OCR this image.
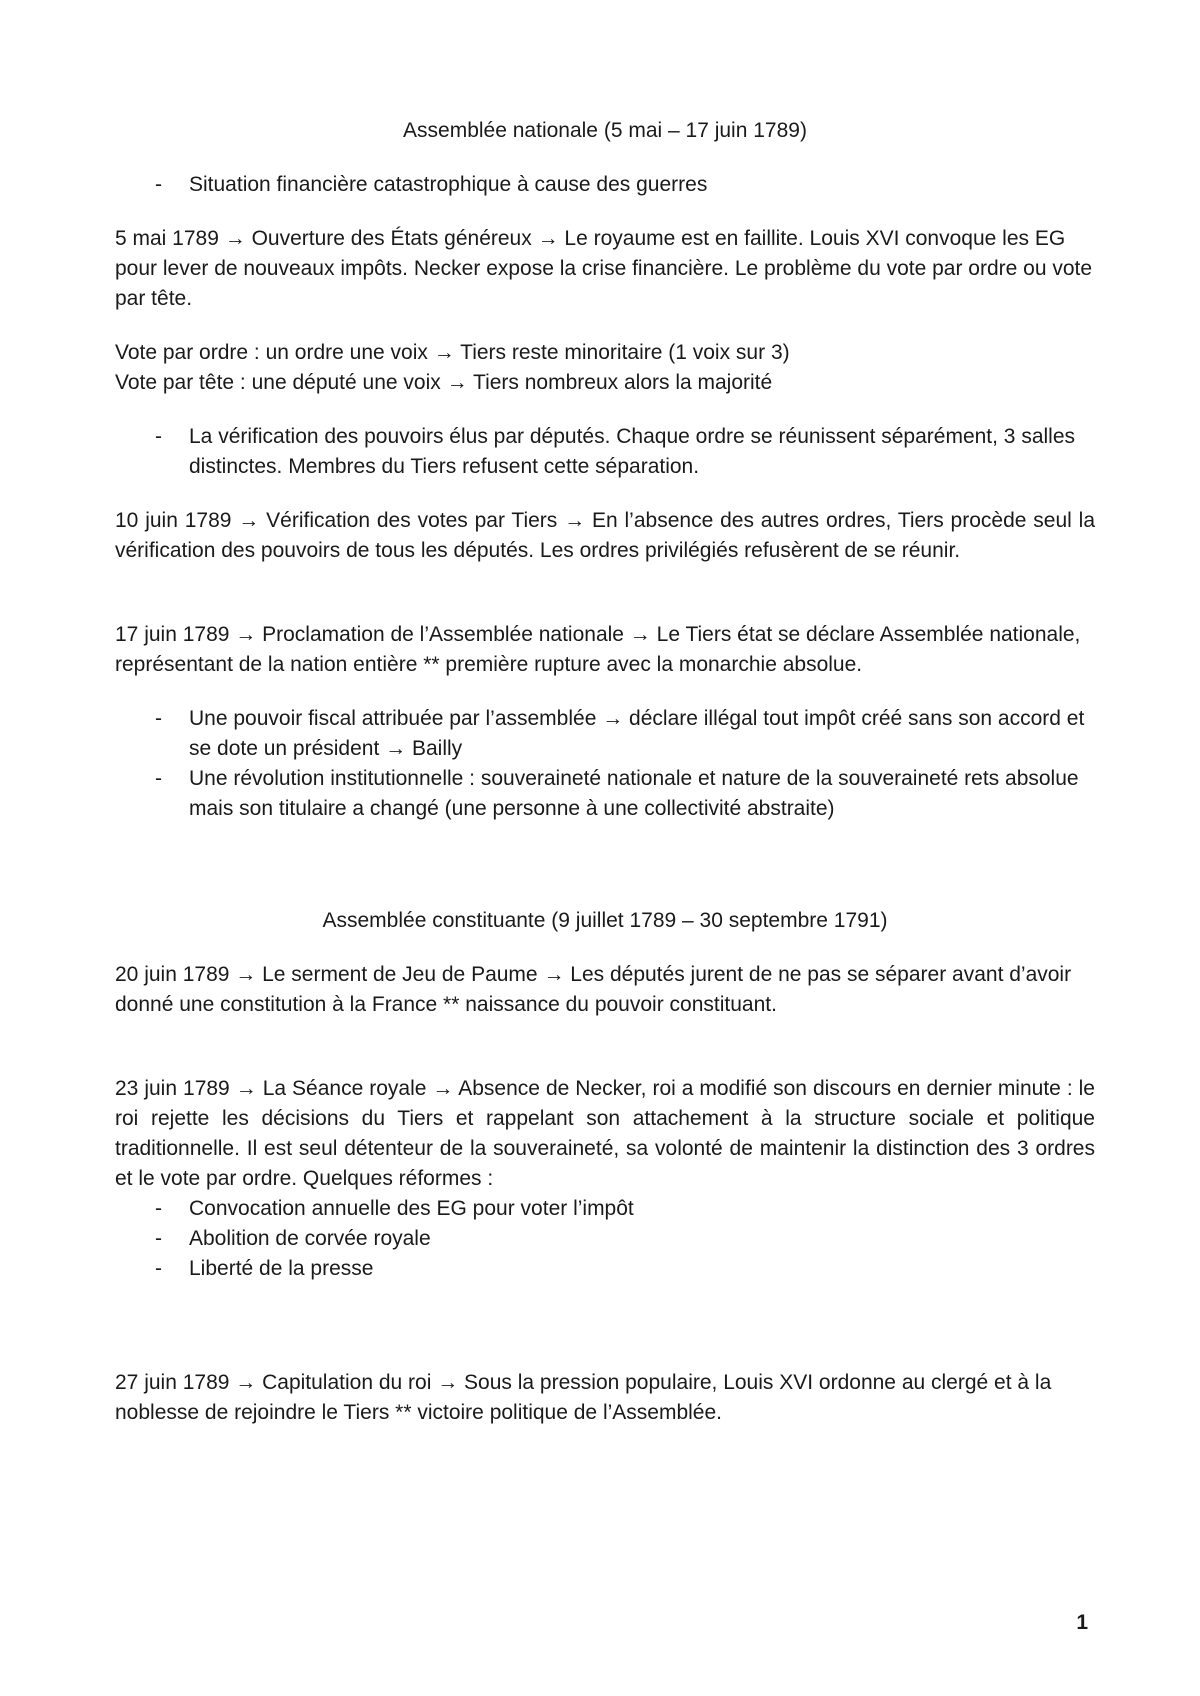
Assemblée nationale (5 mai – 17 juin 1789)

- Situation financière catastrophique à cause des guerres

5 mai 1789 → Ouverture des États généreux → Le royaume est en faillite. Louis XVI convoque les EG pour lever de nouveaux impôts. Necker expose la crise financière. Le problème du vote par ordre ou vote par tête.

Vote par ordre : un ordre une voix → Tiers reste minoritaire (1 voix sur 3)

Vote par tête : une député une voix → Tiers nombreux alors la majorité

- La vérification des pouvoirs élus par députés. Chaque ordre se réunissent séparément, 3 salles distinctes. Membres du Tiers refusent cette séparation.

10 juin 1789 → Vérification des votes par Tiers → En l’absence des autres ordres, Tiers procède seul la vérification des pouvoirs de tous les députés. Les ordres privilégiés refusèrent de se réunir.

17 juin 1789 → Proclamation de l’Assemblée nationale → Le Tiers état se déclare Assemblée nationale, représentant de la nation entière ** première rupture avec la monarchie absolue.

- Une pouvoir fiscal attribuée par l’assemblée → déclare illégal tout impôt créé sans son accord et se dote un président → Bailly
- Une révolution institutionnelle : souveraineté nationale et nature de la souveraineté rets absolue mais son titulaire a changé (une personne à une collectivité abstraite)

Assemblée constituante (9 juillet 1789 – 30 septembre 1791)

20 juin 1789 → Le serment de Jeu de Paume → Les députés jurent de ne pas se séparer avant d’avoir donné une constitution à la France ** naissance du pouvoir constituant.

23 juin 1789 → La Séance royale → Absence de Necker, roi a modifié son discours en dernier minute : le roi rejette les décisions du Tiers et rappelant son attachement à la structure sociale et politique traditionnelle. Il est seul détenteur de la souveraineté, sa volonté de maintenir la distinction des 3 ordres et le vote par ordre. Quelques réformes :

- Convocation annuelle des EG pour voter l’impôt
- Abolition de corvée royale
- Liberté de la presse

27 juin 1789 → Capitulation du roi → Sous la pression populaire, Louis XVI ordonne au clergé et à la noblesse de rejoindre le Tiers ** victoire politique de l’Assemblée.

1
